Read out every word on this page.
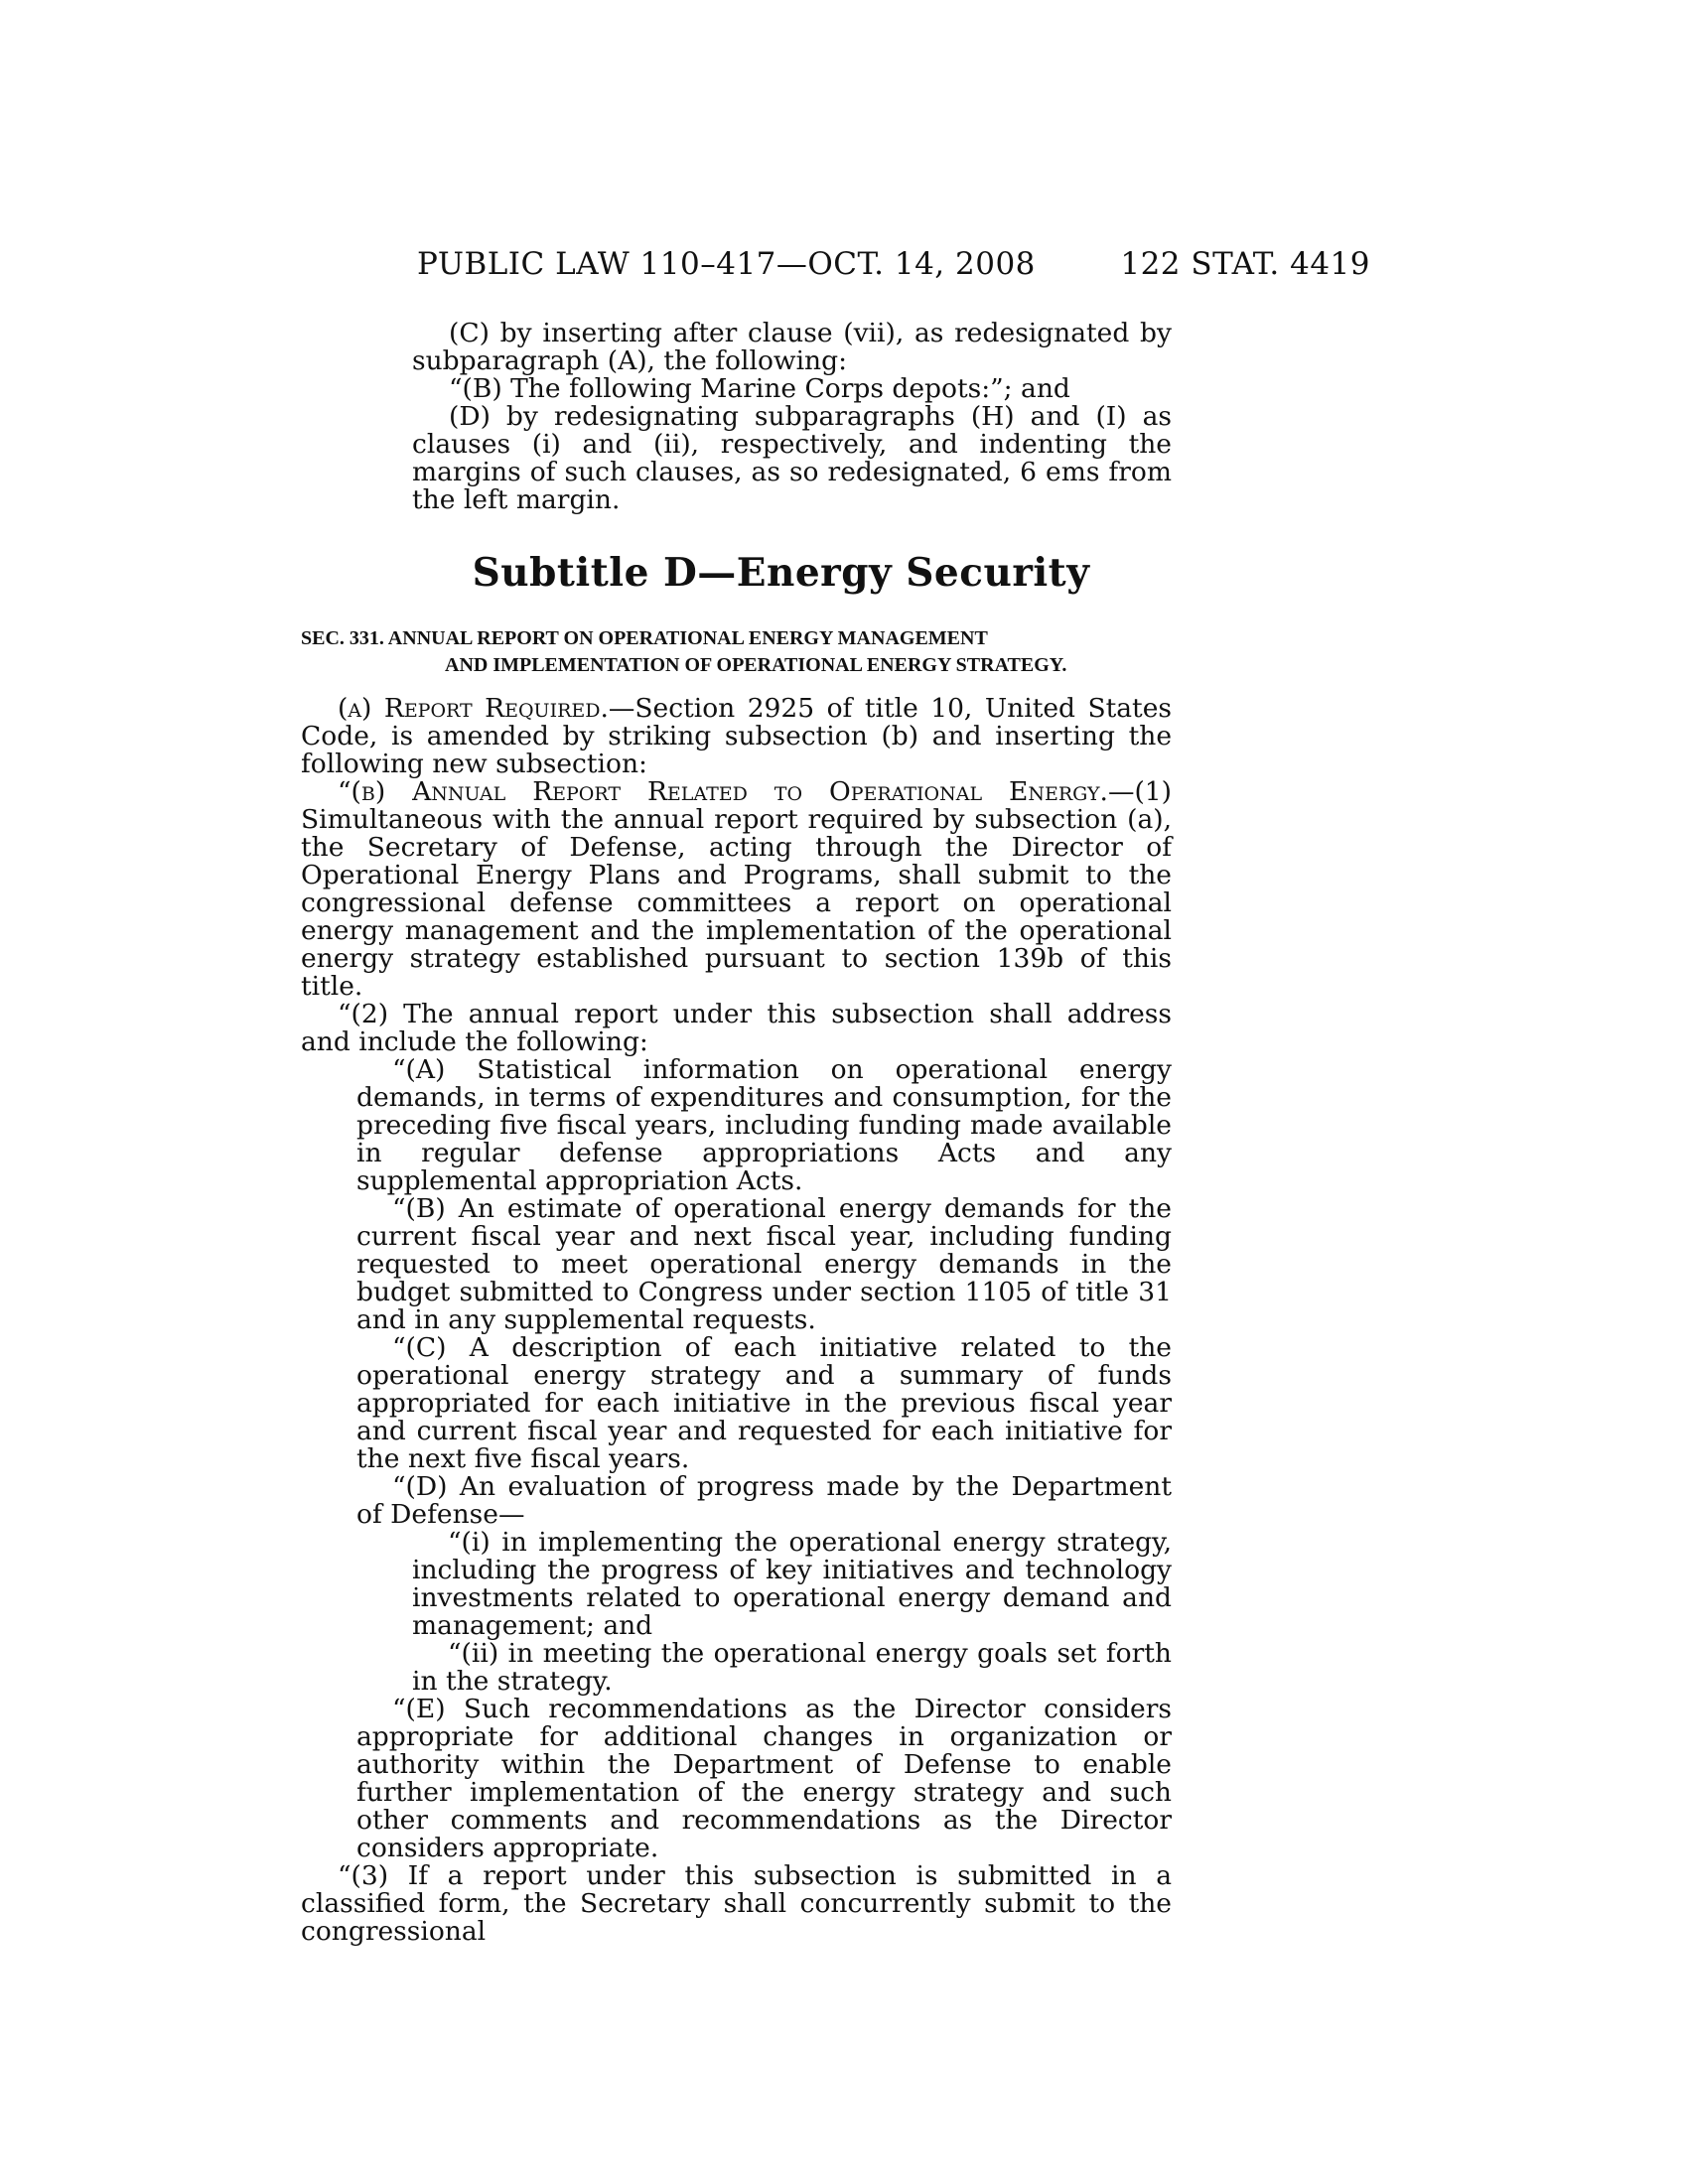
PUBLIC LAW 110–417—OCT. 14, 2008	122 STAT. 4419

(C) by inserting after clause (vii), as redesignated by subparagraph (A), the following:

“(B) The following Marine Corps depots:”; and

(D) by redesignating subparagraphs (H) and (I) as clauses (i) and (ii), respectively, and indenting the margins of such clauses, as so redesignated, 6 ems from the left margin.

Subtitle D—Energy Security
SEC. 331. ANNUAL REPORT ON OPERATIONAL ENERGY MANAGEMENT
AND IMPLEMENTATION OF OPERATIONAL ENERGY STRATEGY.

(a) Report Required.—Section 2925 of title 10, United States Code, is amended by striking subsection (b) and inserting the following new subsection:

“(b) Annual Report Related to Operational Energy.—(1) Simultaneous with the annual report required by subsection (a), the Secretary of Defense, acting through the Director of Operational Energy Plans and Programs, shall submit to the congressional defense committees a report on operational energy management and the implementation of the operational energy strategy established pursuant to section 139b of this title.

“(2) The annual report under this subsection shall address and include the following:

“(A) Statistical information on operational energy demands, in terms of expenditures and consumption, for the preceding five fiscal years, including funding made available in regular defense appropriations Acts and any supplemental appropriation Acts.

“(B) An estimate of operational energy demands for the current fiscal year and next fiscal year, including funding requested to meet operational energy demands in the budget submitted to Congress under section 1105 of title 31 and in any supplemental requests.

“(C) A description of each initiative related to the operational energy strategy and a summary of funds appropriated for each initiative in the previous fiscal year and current fiscal year and requested for each initiative for the next five fiscal years.

“(D) An evaluation of progress made by the Department of Defense—

“(i) in implementing the operational energy strategy, including the progress of key initiatives and technology investments related to operational energy demand and management; and

“(ii) in meeting the operational energy goals set forth in the strategy.

“(E) Such recommendations as the Director considers appropriate for additional changes in organization or authority within the Department of Defense to enable further implementation of the energy strategy and such other comments and recommendations as the Director considers appropriate.

“(3) If a report under this subsection is submitted in a classified form, the Secretary shall concurrently submit to the congressional
